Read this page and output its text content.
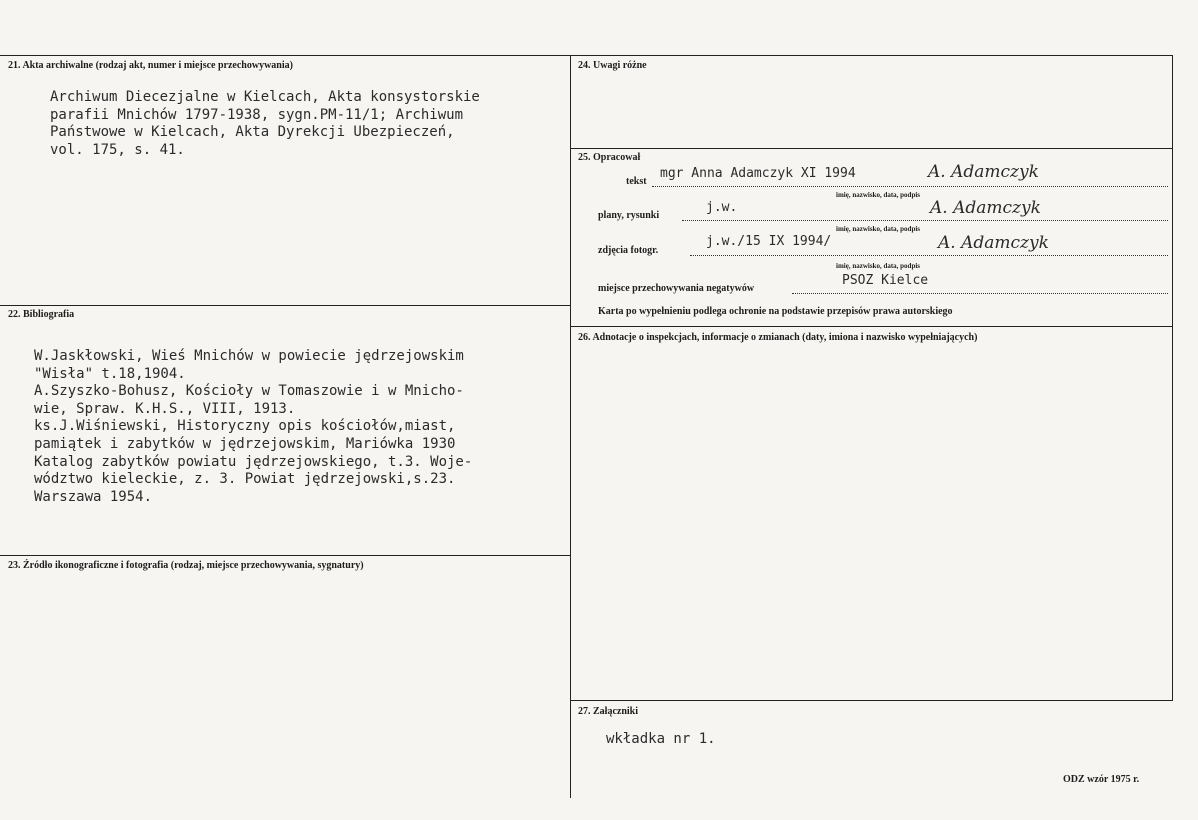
21. Akta archiwalne (rodzaj akt, numer i miejsce przechowywania)
Archiwum Diecezjalne w Kielcach, Akta konsystorskie
parafii Mnichów 1797-1938, sygn.PM-11/1; Archiwum
Państwowe w Kielcach, Akta Dyrekcji Ubezpieczeń,
vol. 175, s. 41.
22. Bibliografia
W.Jaskłowski, Wieś Mnichów w powiecie jędrzejowskim
"Wisła" t.18,1904.
A.Szyszko-Bohusz, Kościoły w Tomaszowie i w Mnicho-
wie, Spraw. K.H.S., VIII, 1913.
ks.J.Wiśniewski, Historyczny opis kościołów,miast,
pamiątek i zabytków w jędrzejowskim, Mariówka 1930
Katalog zabytków powiatu jędrzejowskiego, t.3. Woje-
wództwo kieleckie, z. 3. Powiat jędrzejowski,s.23.
Warszawa 1954.
23. Źródło ikonograficzne i fotografia (rodzaj, miejsce przechowywania, sygnatury)
24. Uwagi różne
25. Opracował
tekst
mgr Anna Adamczyk XI 1994	A. Adamczyk
imię, nazwisko, data, podpis
plany, rysunki
j.w.	A. Adamczyk
imię, nazwisko, data, podpis
zdjęcia fotogr.
j.w./15 IX 1994/	A. Adamczyk
imię, nazwisko, data, podpis
miejsce przechowywania negatywów
PSOZ Kielce
Karta po wypełnieniu podlega ochronie na podstawie przepisów prawa autorskiego
26. Adnotacje o inspekcjach, informacje o zmianach (daty, imiona i nazwisko wypełniających)
27. Załączniki
wkładka nr 1.
ODZ wzór 1975 r.
